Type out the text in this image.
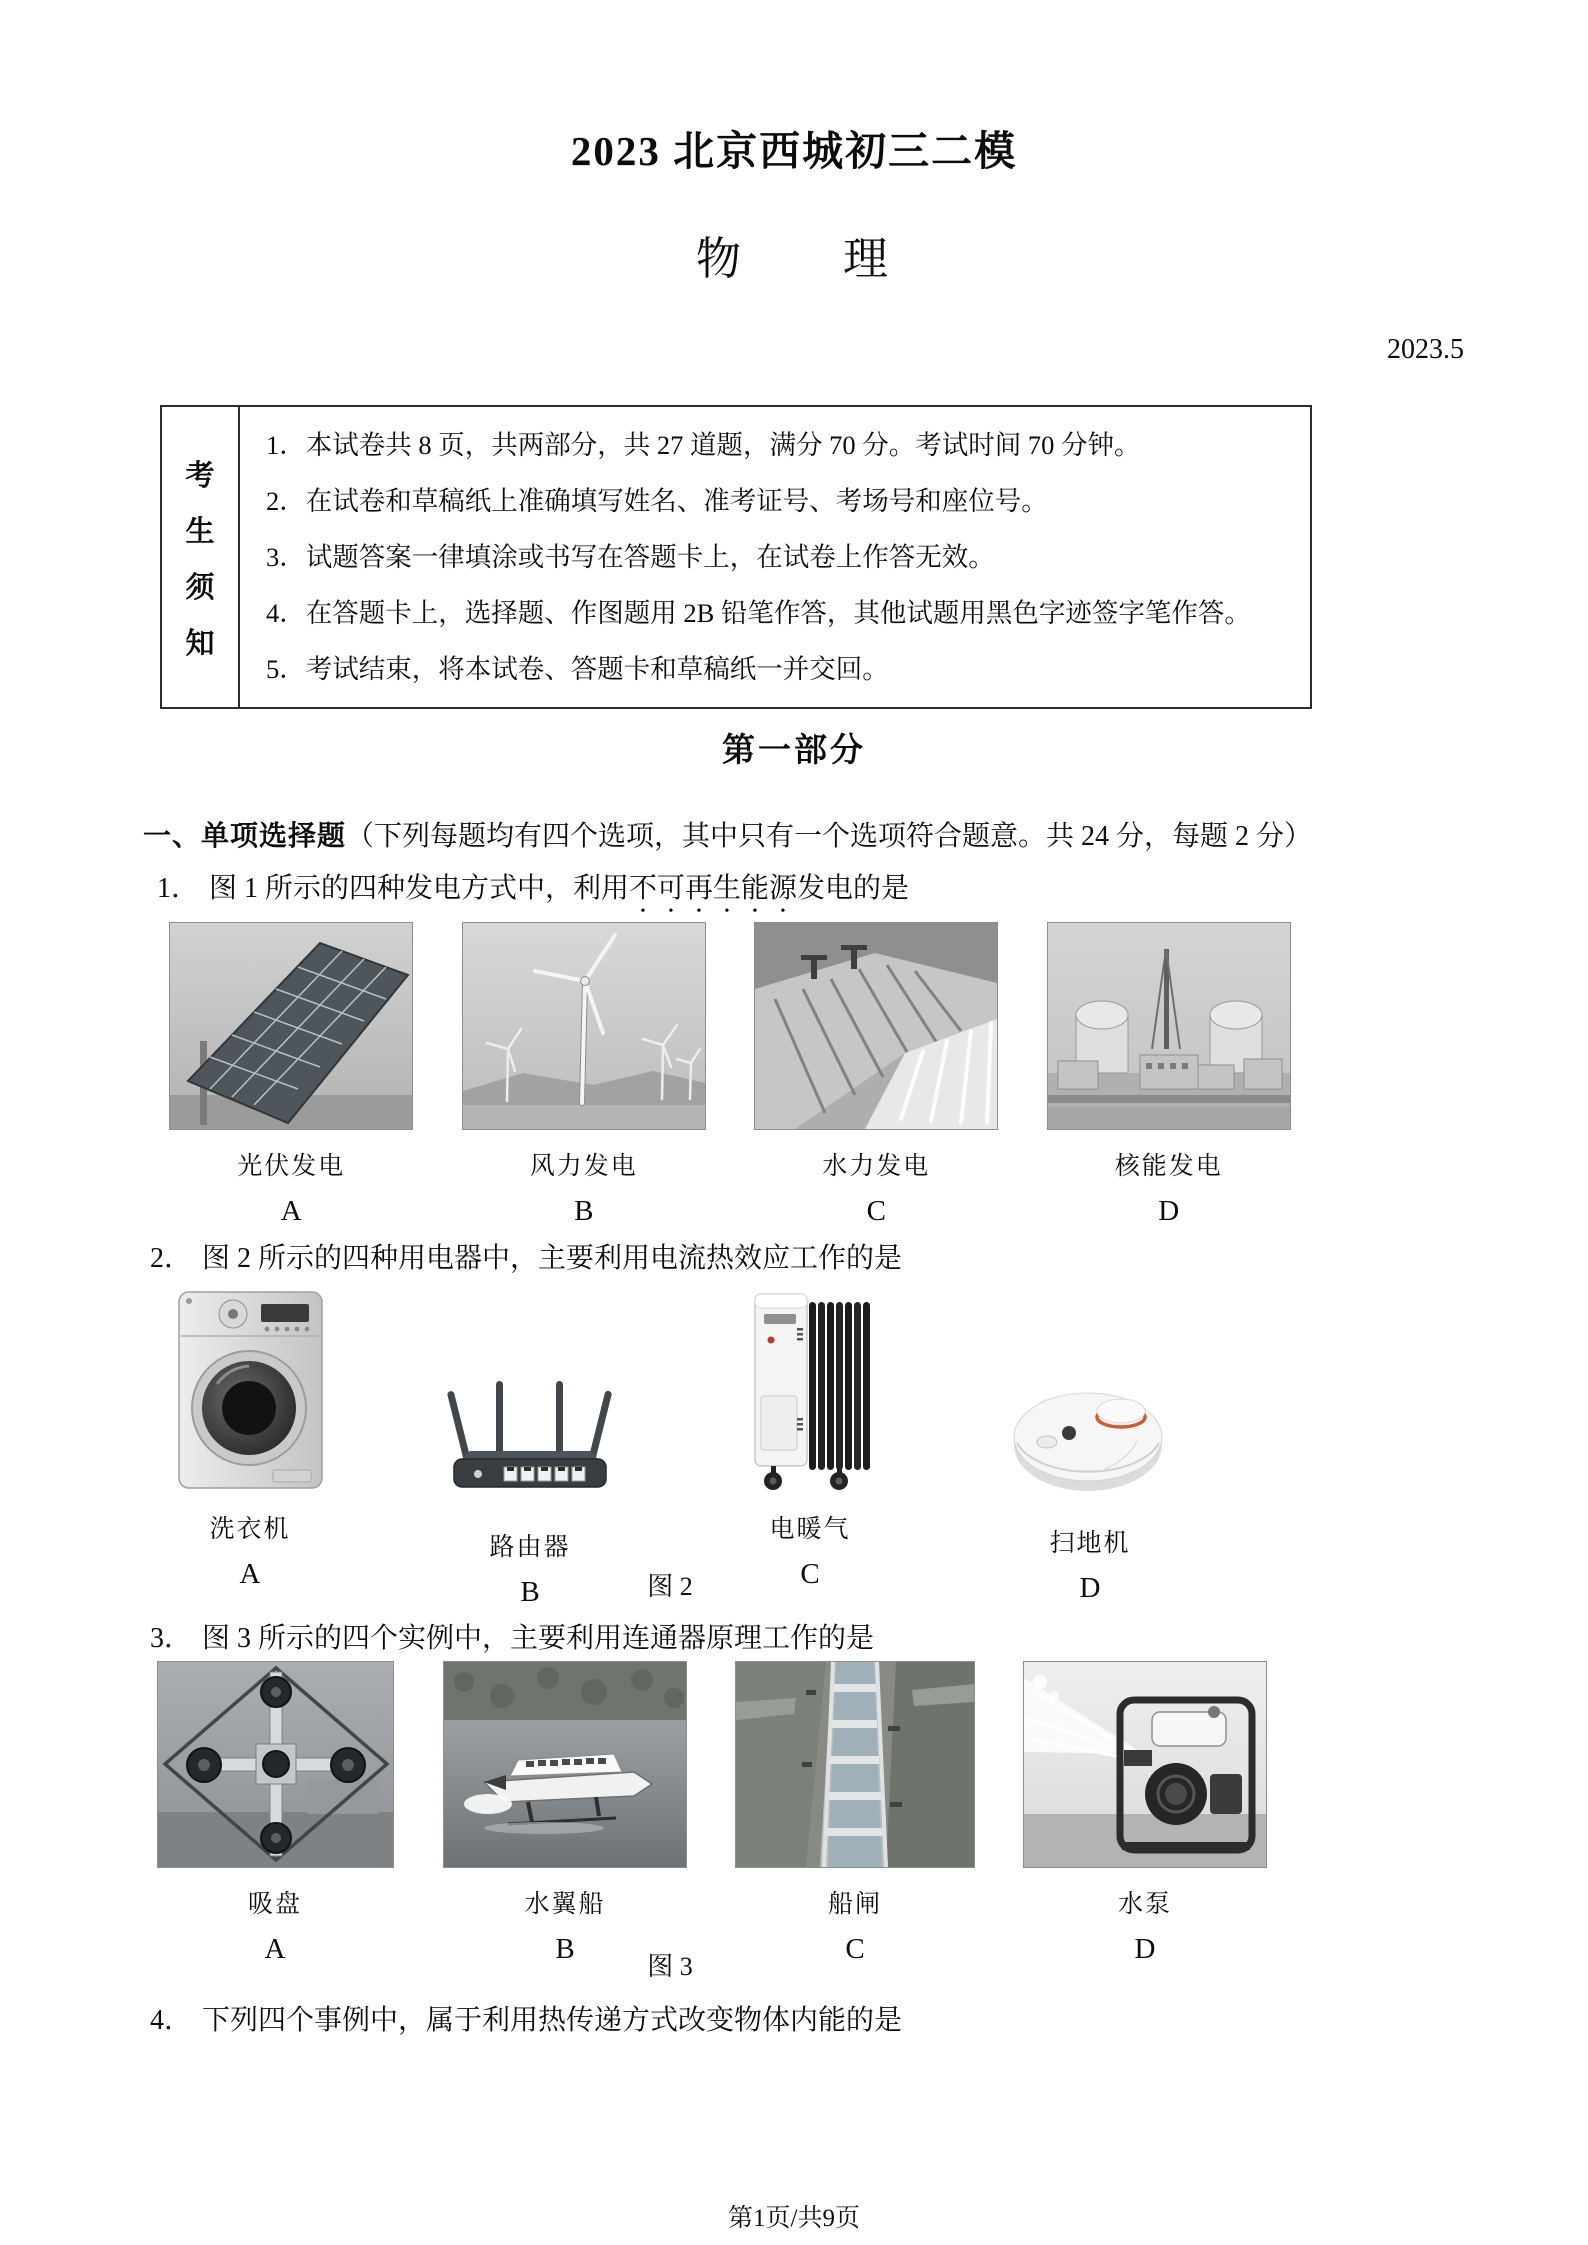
2023 北京西城初三二模
物　　理
2023.5
考
生
须
知
1．本试卷共 8 页，共两部分，共 27 道题，满分 70 分。考试时间 70 分钟。
2．在试卷和草稿纸上准确填写姓名、准考证号、考场号和座位号。
3．试题答案一律填涂或书写在答题卡上，在试卷上作答无效。
4．在答题卡上，选择题、作图题用 2B 铅笔作答，其他试题用黑色字迹签字笔作答。
5．考试结束，将本试卷、答题卡和草稿纸一并交回。
第一部分
一、单项选择题（下列每题均有四个选项，其中只有一个选项符合题意。共 24 分，每题 2 分）
1． 图 1 所示的四种发电方式中，利用不可再生能源发电的是
光伏发电
A
风力发电
B
水力发电
C
核能发电
D
2． 图 2 所示的四种用电器中，主要利用电流热效应工作的是
洗衣机
A
路由器
B
电暖气
C
扫地机
D
图 2
3． 图 3 所示的四个实例中，主要利用连通器原理工作的是
吸盘
A
水翼船
B
船闸
C
水泵
D
图 3
4． 下列四个事例中，属于利用热传递方式改变物体内能的是
第1页/共9页
